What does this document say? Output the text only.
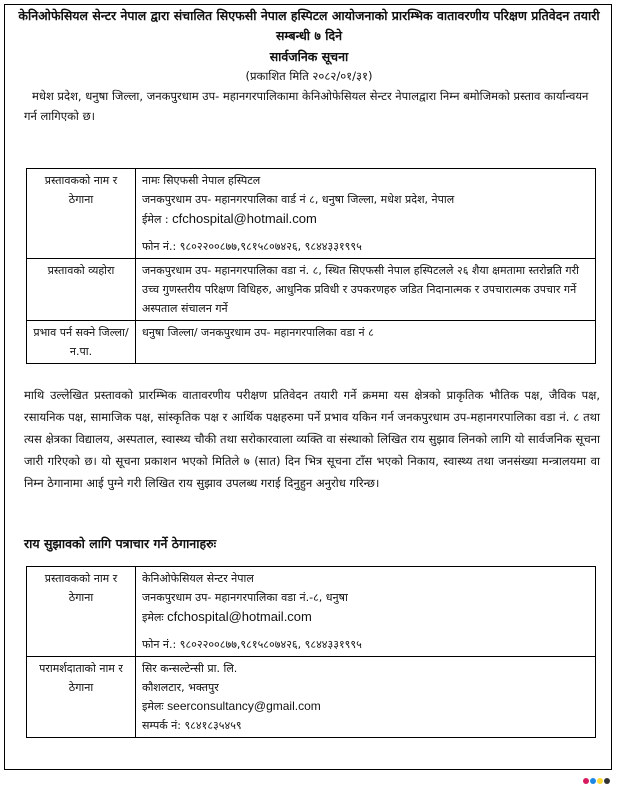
केनिओफेसियल सेन्टर नेपाल द्वारा संचालित सिएफसी नेपाल हस्पिटल आयोजनाको प्रारम्भिक वातावरणीय परिक्षण प्रतिवेदन तयारी सम्बन्धी ७ दिने
सार्वजनिक सूचना
(प्रकाशित मिति २०८२/०१/३१)
मधेश प्रदेश, धनुषा जिल्ला, जनकपुरधाम उप- महानगरपालिकामा केनिओफेसियल सेन्टर नेपालद्वारा निम्न बमोजिमको प्रस्ताव कार्यान्वयन गर्न लागिएको छ।
प्रस्तावकको नाम र ठेगाना	नामः सिएफसी नेपाल हस्पिटल
जनकपुरधाम उप- महानगरपालिका वार्ड नं ८, धनुषा जिल्ला, मधेश प्रदेश, नेपाल
ईमेल : cfchospital@hotmail.com
फोन नं.: ९८०२२००८७७,९८१५८०७४२६, ९८४४३३१९९५

प्रस्तावको व्यहोरा	जनकपुरधाम उप- महानगरपालिका वडा नं. ८, स्थित सिएफसी नेपाल हस्पिटलले २६ शैया क्षमतामा स्तरोन्नति गरी उच्च गुणस्तरीय परिक्षण विधिहरु, आधुनिक प्रविधी र उपकरणहरु जडित निदानात्मक र उपचारात्मक उपचार गर्ने अस्पताल संचालन गर्ने
प्रभाव पर्न सक्ने जिल्ला/न.पा.	धनुषा जिल्ला/ जनकपुरधाम उप- महानगरपालिका वडा नं ८
माथि उल्लेखित प्रस्तावको प्रारम्भिक वातावरणीय परीक्षण प्रतिवेदन तयारी गर्ने क्रममा यस क्षेत्रको प्राकृतिक भौतिक पक्ष, जैविक पक्ष, रसायनिक पक्ष, सामाजिक पक्ष, सांस्कृतिक पक्ष र आर्थिक पक्षहरुमा पर्ने प्रभाव यकिन गर्न जनकपुरधाम उप-महानगरपालिका वडा नं. ८ तथा त्यस क्षेत्रका विद्यालय, अस्पताल, स्वास्थ्य चौकी तथा सरोकारवाला व्यक्ति वा संस्थाको लिखित राय सुझाव लिनको लागि यो सार्वजनिक सूचना जारी गरिएको छ। यो सूचना प्रकाशन भएको मितिले ७ (सात) दिन भित्र सूचना टाँस भएको निकाय, स्वास्थ्य तथा जनसंख्या मन्त्रालयमा वा निम्न ठेगानामा आई पुग्ने गरी लिखित राय सुझाव उपलब्ध गराई दिनुहुन अनुरोध गरिन्छ।
राय सुझावको लागि पत्राचार गर्ने ठेगानाहरुः
प्रस्तावकको नाम र ठेगाना	केनिओफेसियल सेन्टर नेपाल
जनकपुरधाम उप- महानगरपालिका वडा नं.-८, धनुषा
इमेलः cfchospital@hotmail.com
फोन नं.: ९८०२२००८७७,९८१५८०७४२६, ९८४४३३१९९५

परामर्शदाताको नाम र ठेगाना	सिर कन्सल्टेन्सी प्रा. लि.
कौशलटार, भक्तपुर
इमेलः seerconsultancy@gmail.com
सम्पर्क नं: ९८४१८३५४५९
